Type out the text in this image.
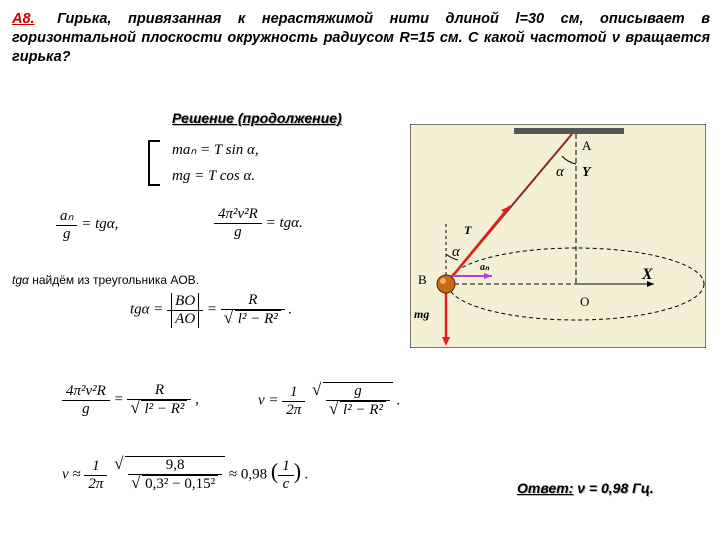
A8. Гирька, привязанная к нерастяжимой нити длиной l=30 см, описывает в горизонтальной плоскости окружность радиусом R=15 см. С какой частотой ν вращается гирька?
Решение (продолжение)
maₙ = T sin α,
mg = T cos α.
$\frac{\text{aₙ}}{g} = tg\alpha$,	$\frac{\text{4π²ν²R}}{g} = tg\alpha$.
tgα найдём из треугольника AOB.
$tg\alpha = \frac{BO}{AO} = R$
√ l² − R² .
$\frac{\text{4π²ν²R}}{g} = R$
√ l² − R² ,	$\nu = \frac{1}{2\pi}$
√ g
√ l² − R² .
$\nu \approx \frac{1}{2\pi}$
√ 9,8
√ 0,3² − 0,15² ≈ 0,98 ( $\frac{1}{c}$ ) .
Ответ: ν = 0,98 Гц.
A
O
B	X
Y
α
α
T
aₙ
mg
